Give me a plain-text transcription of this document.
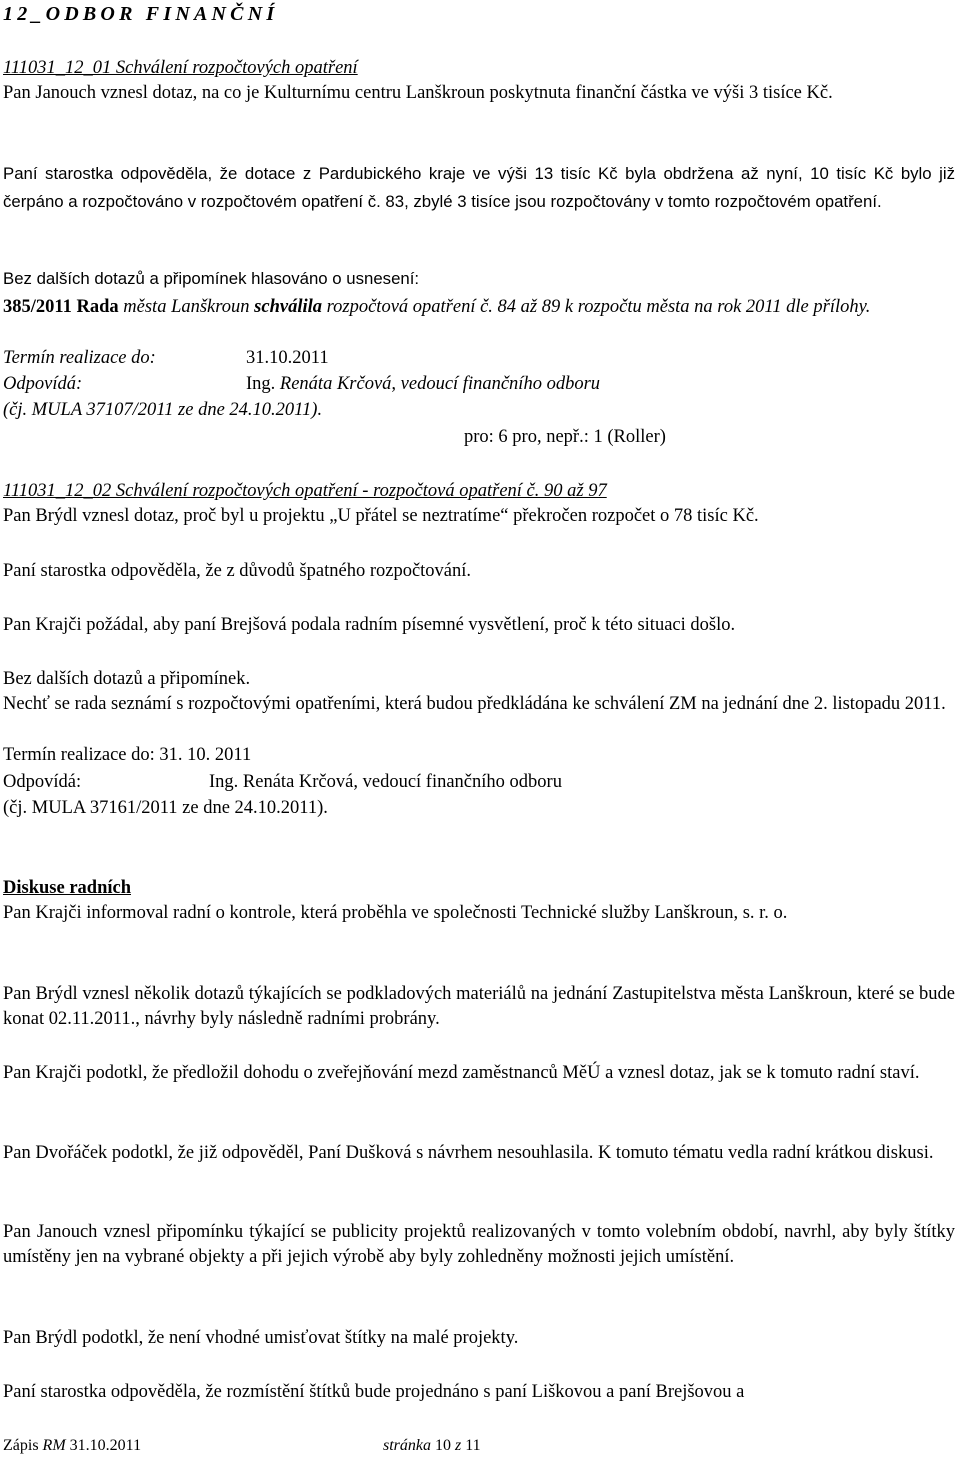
12_ODBOR FINANČNÍ

111031_12_01 Schválení rozpočtových opatření

Pan Janouch vznesl dotaz, na co je Kulturnímu centru Lanškroun poskytnuta finanční částka ve výši 3 tisíce Kč.

Paní starostka odpověděla, že dotace z Pardubického kraje ve výši 13 tisíc Kč byla obdržena až nyní, 10 tisíc Kč bylo již čerpáno a rozpočtováno v rozpočtovém opatření č. 83, zbylé 3 tisíce jsou rozpočtovány v tomto rozpočtovém opatření.
Bez dalších dotazů a připomínek hlasováno o usnesení:
385/2011 Rada města Lanškroun schválila rozpočtová opatření č. 84 až 89 k rozpočtu města na rok 2011 dle přílohy.
Termín realizace do:	31.10.2011
Odpovídá:	Ing. Renáta Krčová, vedoucí finančního odboru
(čj. MULA 37107/2011 ze dne 24.10.2011).
pro: 6 pro, nepř.: 1 (Roller)

111031_12_02 Schválení rozpočtových opatření - rozpočtová opatření č. 90 až 97

Pan Brýdl vznesl dotaz, proč byl u projektu „U přátel se neztratíme“ překročen rozpočet o 78 tisíc Kč.

Paní starostka odpověděla, že z důvodů špatného rozpočtování.
Pan Krajči požádal, aby paní Brejšová podala radním písemné vysvětlení, proč k této situaci došlo.
Bez dalších dotazů a připomínek.
Nechť se rada seznámí s rozpočtovými opatřeními, která budou předkládána ke schválení ZM na jednání dne 2. listopadu 2011.
Termín realizace do: 31. 10. 2011
Odpovídá:	Ing. Renáta Krčová, vedoucí finančního odboru
(čj. MULA 37161/2011 ze dne 24.10.2011).

Diskuse radních

Pan Krajči informoval radní o kontrole, která proběhla ve společnosti Technické služby Lanškroun, s. r. o.

Pan Brýdl vznesl několik dotazů týkajících se podkladových materiálů na jednání Zastupitelstva města Lanškroun, které se bude konat 02.11.2011., návrhy byly následně radními probrány.
Pan Krajči podotkl, že předložil dohodu o zveřejňování mezd zaměstnanců MěÚ a vznesl dotaz, jak se k tomuto radní staví.
Pan Dvořáček podotkl, že již odpověděl, Paní Dušková s návrhem nesouhlasila. K tomuto tématu vedla radní krátkou diskusi.
Pan Janouch vznesl připomínku týkající se publicity projektů realizovaných v tomto volebním období, navrhl, aby byly štítky umístěny jen na vybrané objekty a při jejich výrobě aby byly zohledněny možnosti jejich umístění.
Pan Brýdl podotkl, že není vhodné umisťovat štítky na malé projekty.
Paní starostka odpověděla, že rozmístění štítků bude projednáno s paní Liškovou a paní Brejšovou a
Zápis RM 31.10.2011	stránka 10 z 11
